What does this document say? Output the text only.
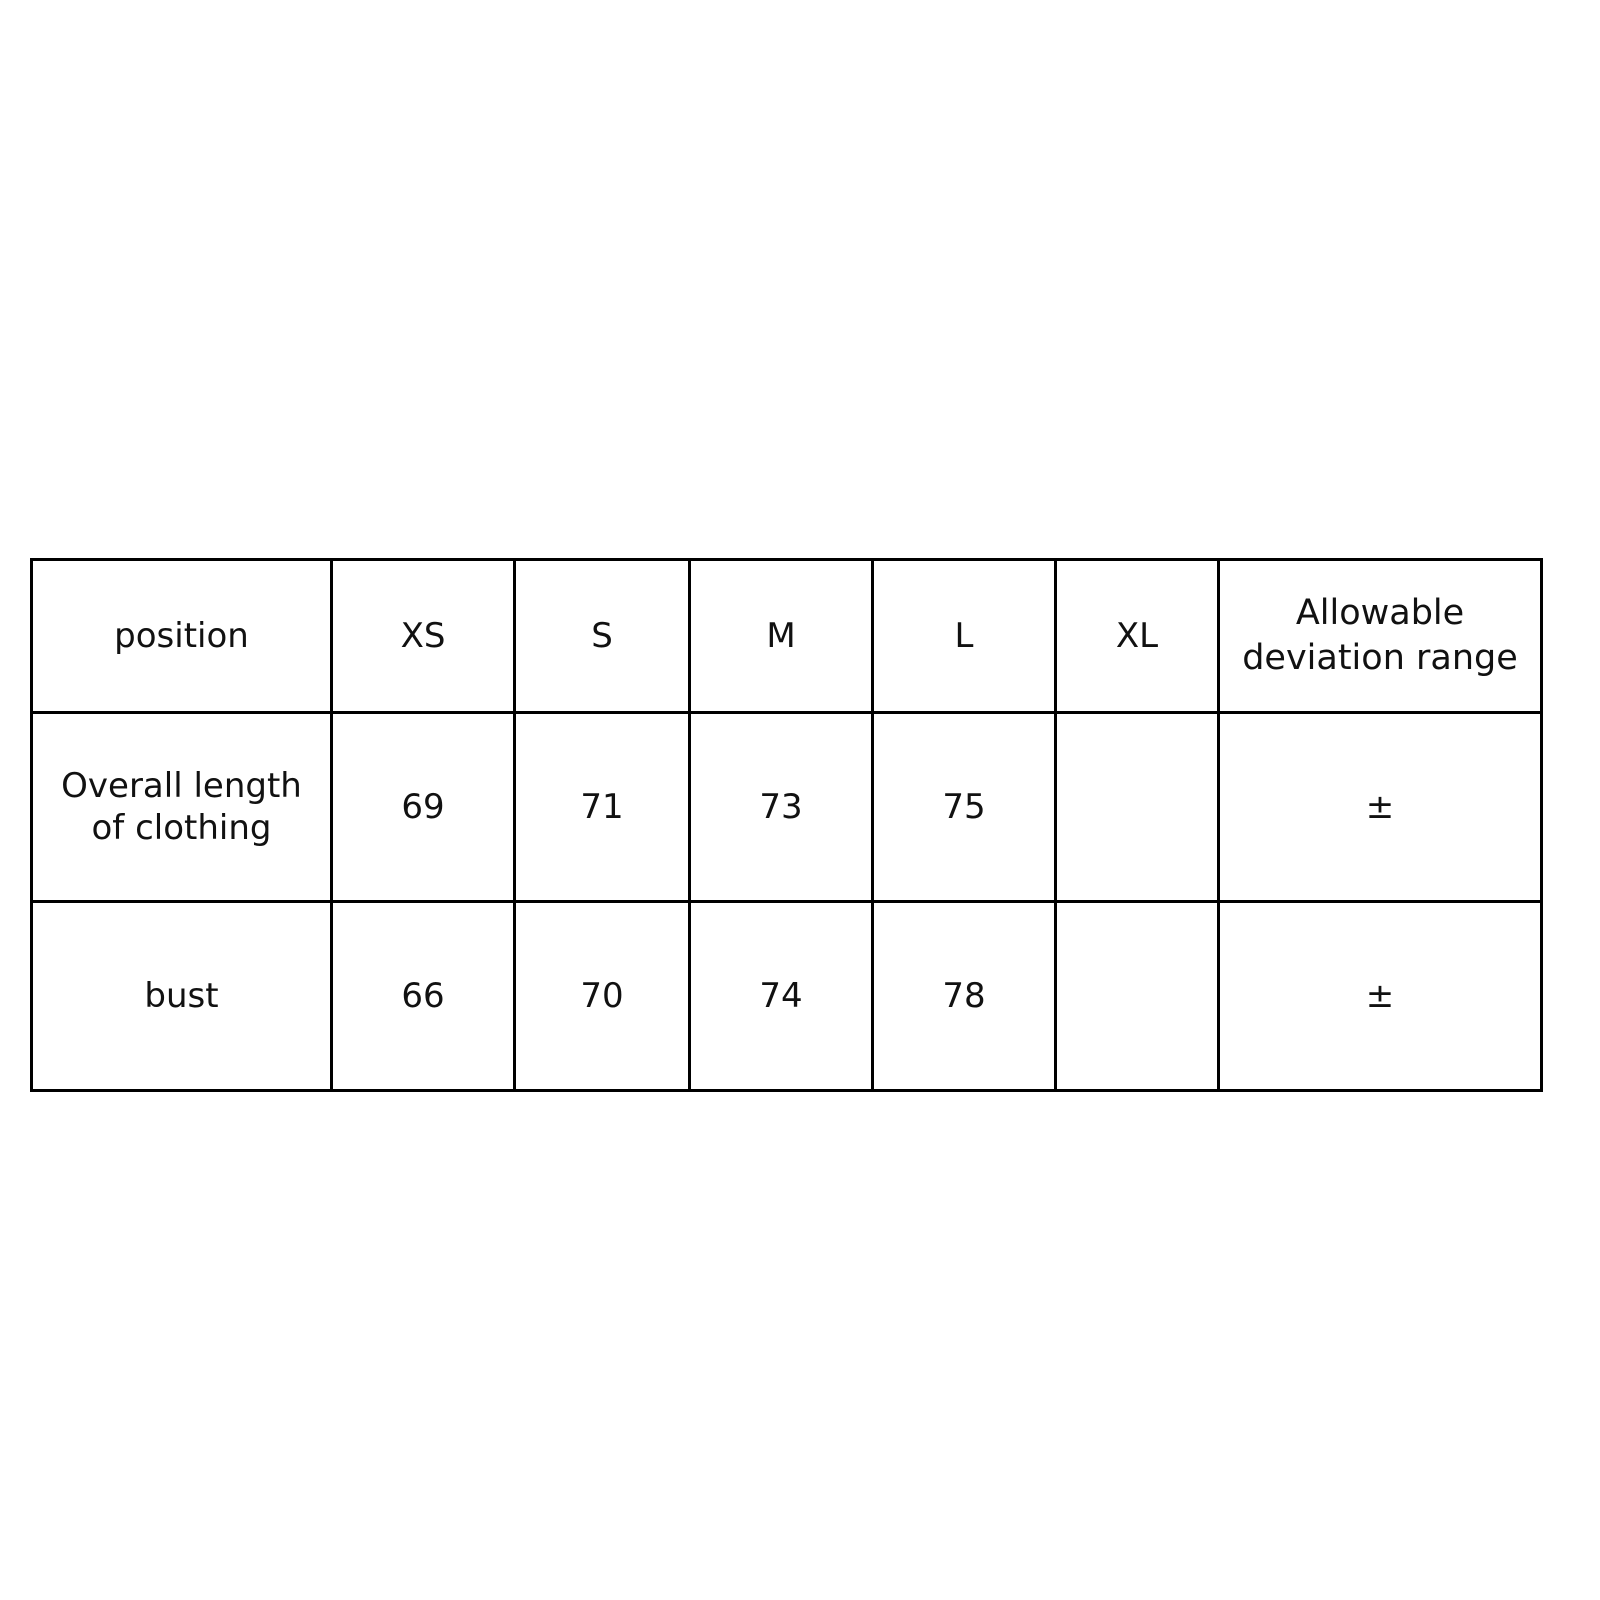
position	XS	S	M	L	XL	Allowable
deviation range
Overall length
of clothing	69	71	73	75		±
bust	66	70	74	78		±
